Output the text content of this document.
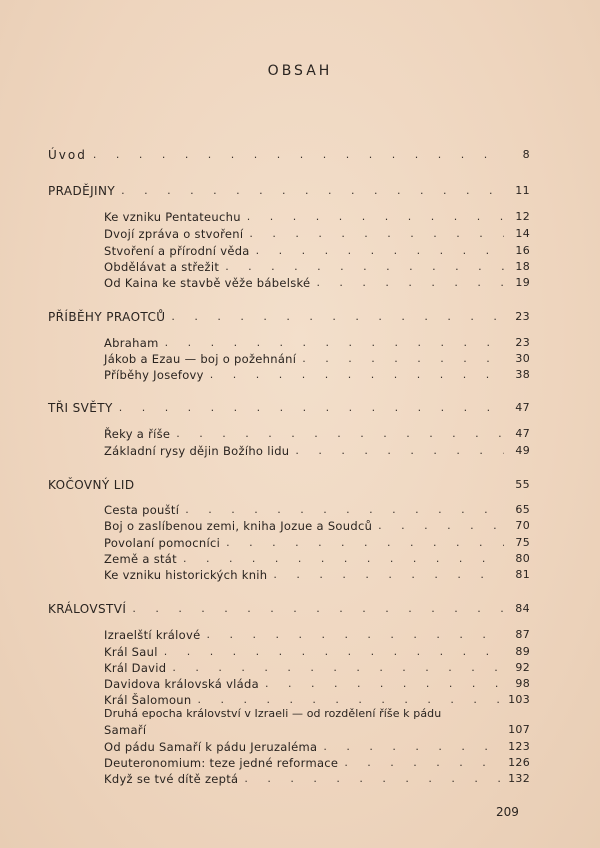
OBSAH
Úvod . . .	8
PRADĚJINY . . .	11
Ke vzniku Pentateuchu . . .	12
Dvojí zpráva o stvoření . . .	14
Stvoření a přírodní věda . . .	16
Obdělávat a střežit . . .	18
Od Kaina ke stavbě věže bábelské . . .	19
PŘÍBĚHY PRAOTCŮ . . .	23
Abraham . . .	23
Jákob a Ezau — boj o požehnání . . .	30
Příběhy Josefovy . . .	38
TŘI SVĚTY . . .	47
Řeky a říše . . .	47
Základní rysy dějin Božího lidu . . .	49
KOČOVNÝ LID	55
Cesta pouští . . .	65
Boj o zaslíbenou zemi, kniha Jozue a Soudců . . .	70
Povolaní pomocníci . . .	75
Země a stát . . .	80
Ke vzniku historických knih . . .	81
KRÁLOVSTVÍ . . .	84
Izraelští králové . . .	87
Král Saul . . .	89
Král David . . .	92
Davidova královská vláda . . .	98
Král Šalomoun . . .	103
Druhá epocha království v Izraeli — od rozdělení říše k pádu
Samaří	107
Od pádu Samaří k pádu Jeruzaléma . . .	123
Deuteronomium: teze jedné reformace . . .	126
Když se tvé dítě zeptá . . .	132
209
